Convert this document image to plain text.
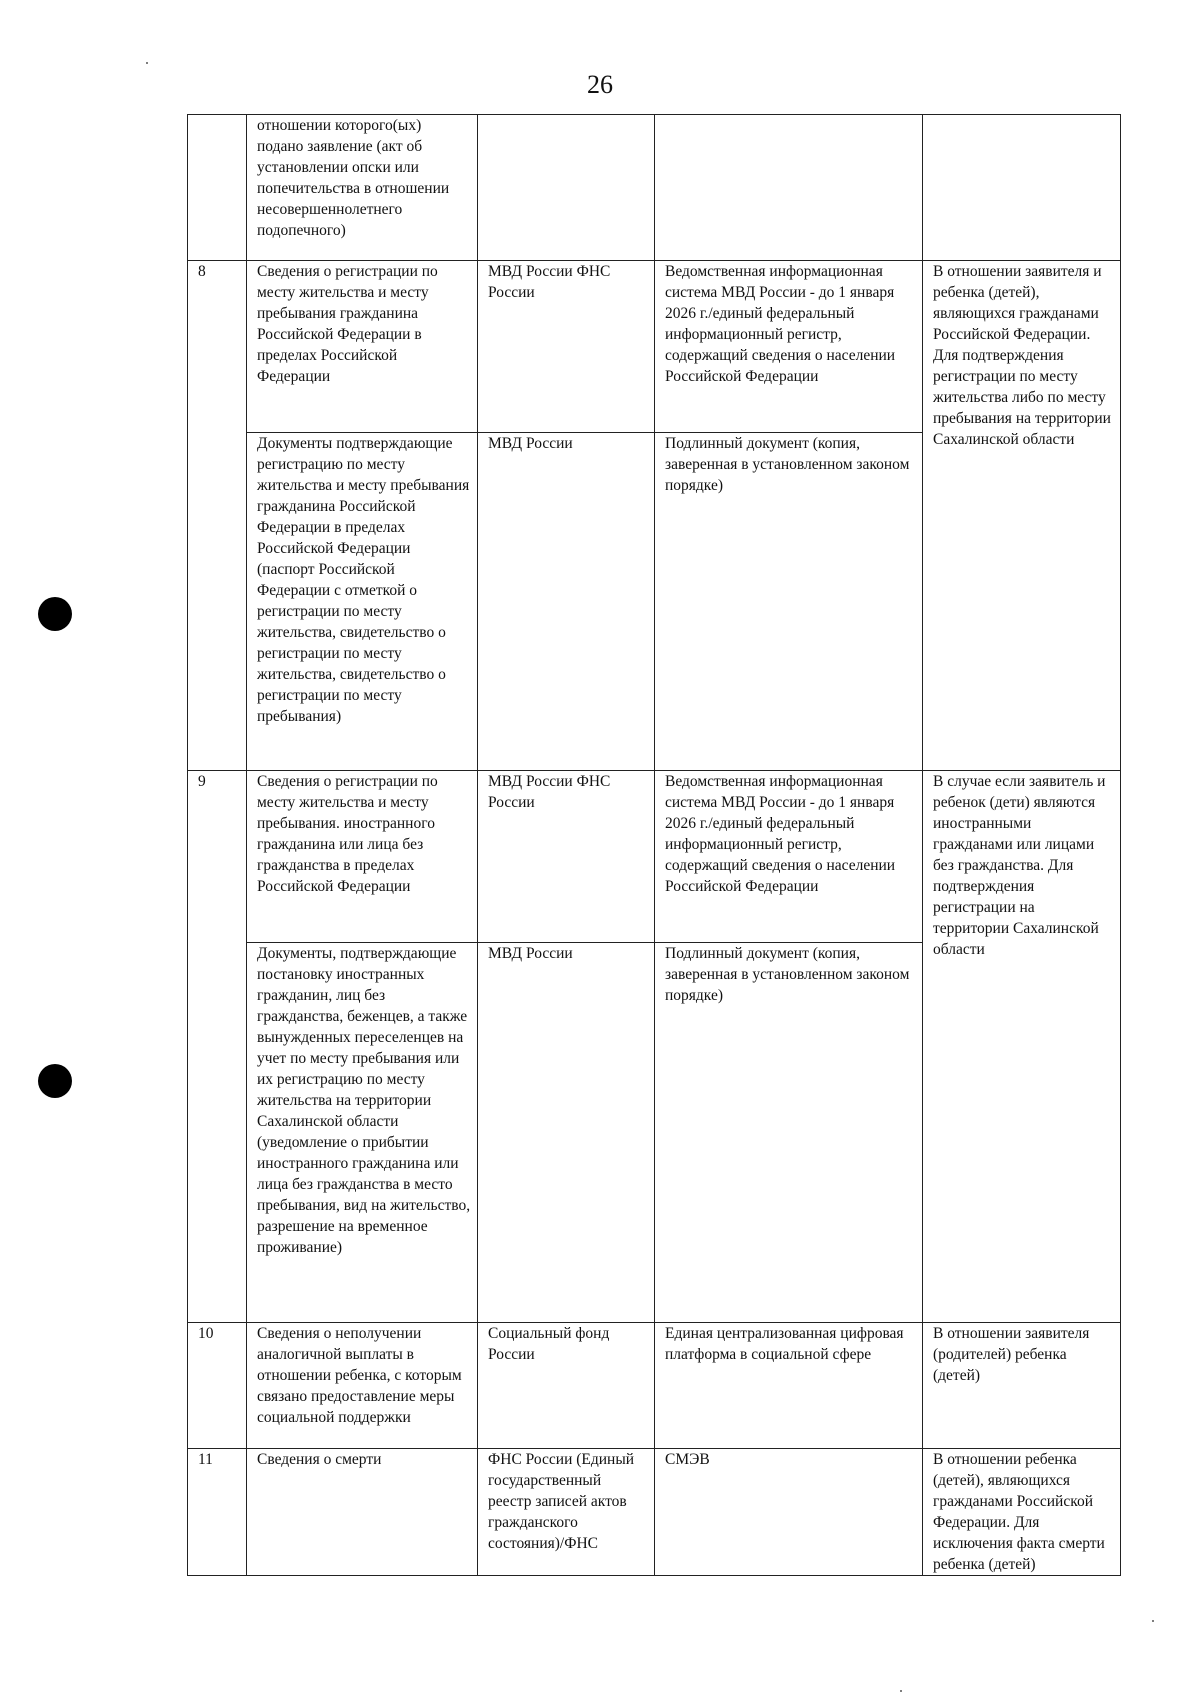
26
	отношении которого(ых) подано заявление (акт об установлении опски или попечительства в отношении несовершеннолетнего подопечного)			
8	Сведения о регистрации по месту жительства и месту пребывания гражданина Российской Федерации в пределах Российской Федерации	МВД России ФНС России	Ведомственная информационная система МВД России - до 1 января 2026 г./единый федеральный информационный регистр, содержащий сведения о населении Российской Федерации	В отношении заявителя и ребенка (детей), являющихся гражданами Российской Федерации. Для подтверждения регистрации по месту жительства либо по месту пребывания на территории Сахалинской области
	Документы подтверждающие регистрацию по месту жительства и месту пребывания гражданина Российской Федерации в пределах Российской Федерации (паспорт Российской Федерации с отметкой о регистрации по месту жительства, свидетельство о регистрации по месту жительства, свидетельство о регистрации по месту пребывания)	МВД России	Подлинный документ (копия, заверенная в установленном законом порядке)	
9	Сведения о регистрации по месту жительства и месту пребывания. иностранного гражданина или лица без гражданства в пределах Российской Федерации	МВД России ФНС России	Ведомственная информационная система МВД России - до 1 января 2026 г./единый федеральный информационный регистр, содержащий сведения о населении Российской Федерации	В случае если заявитель и ребенок (дети) являются иностранными гражданами или лицами без гражданства. Для подтверждения регистрации на территории Сахалинской области
	Документы, подтверждающие постановку иностранных гражданин, лиц без гражданства, беженцев, а также вынужденных переселенцев на учет по месту пребывания или их регистрацию по месту жительства на территории Сахалинской области (уведомление о прибытии иностранного гражданина или лица без гражданства в место пребывания, вид на жительство, разрешение на временное проживание)	МВД России	Подлинный документ (копия, заверенная в установленном законом порядке)	
10	Сведения о неполучении аналогичной выплаты в отношении ребенка, с которым связано предоставление меры социальной поддержки	Социальный фонд России	Единая централизованная цифровая платформа в социальной сфере	В отношении заявителя (родителей) ребенка (детей)
11	Сведения о смерти	ФНС России (Единый государственный реестр записей актов гражданского состояния)/ФНС	СМЭВ	В отношении ребенка (детей), являющихся гражданами Российской Федерации. Для исключения факта смерти ребенка (детей)
